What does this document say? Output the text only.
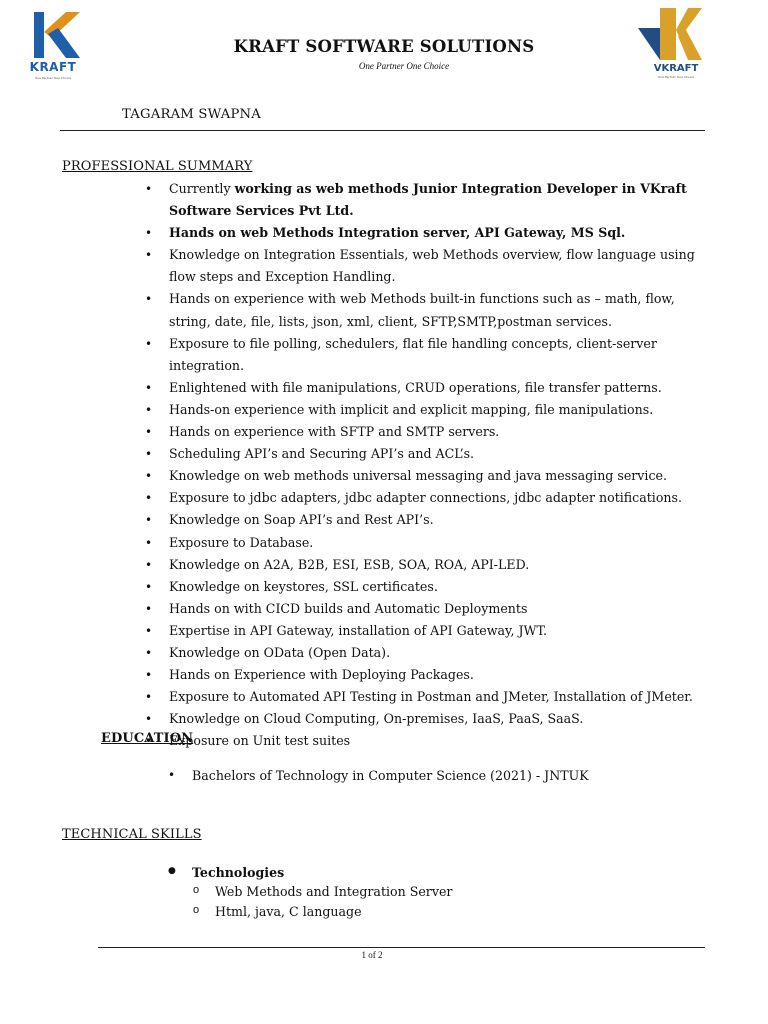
KRAFT
One Partner One Choice
KRAFT SOFTWARE SOLUTIONS
One Partner One Choice	VKRAFT
One Partner One Choice
TAGARAM SWAPNA
PROFESSIONAL SUMMARY
• Currently working as web methods Junior Integration Developer in VKraft Software Services Pvt Ltd.
• Hands on web Methods Integration server, API Gateway, MS Sql.
• Knowledge on Integration Essentials, web Methods overview, flow language using flow steps and Exception Handling.
• Hands on experience with web Methods built-in functions such as – math, flow, string, date, file, lists, json, xml, client, SFTP,SMTP,postman services.
• Exposure to file polling, schedulers, flat file handling concepts, client-server integration.
• Enlightened with file manipulations, CRUD operations, file transfer patterns.
• Hands-on experience with implicit and explicit mapping, file manipulations.
• Hands on experience with SFTP and SMTP servers.
• Scheduling API’s and Securing API’s and ACL’s.
• Knowledge on web methods universal messaging and java messaging service.
• Exposure to jdbc adapters, jdbc adapter connections, jdbc adapter notifications.
• Knowledge on Soap API’s and Rest API’s.
• Exposure to Database.
• Knowledge on A2A, B2B, ESI, ESB, SOA, ROA, API-LED.
• Knowledge on keystores, SSL certificates.
• Hands on with CICD builds and Automatic Deployments
• Expertise in API Gateway, installation of API Gateway, JWT.
• Knowledge on OData (Open Data).
• Hands on Experience with Deploying Packages.
• Exposure to Automated API Testing in Postman and JMeter, Installation of JMeter.
• Knowledge on Cloud Computing, On-premises, IaaS, PaaS, SaaS.
• Exposure on Unit test suites
EDUCATION
• Bachelors of Technology in Computer Science (2021) - JNTUK
TECHNICAL SKILLS
● Technologies
o Web Methods and Integration Server
o Html, java, C language
1 of 2
